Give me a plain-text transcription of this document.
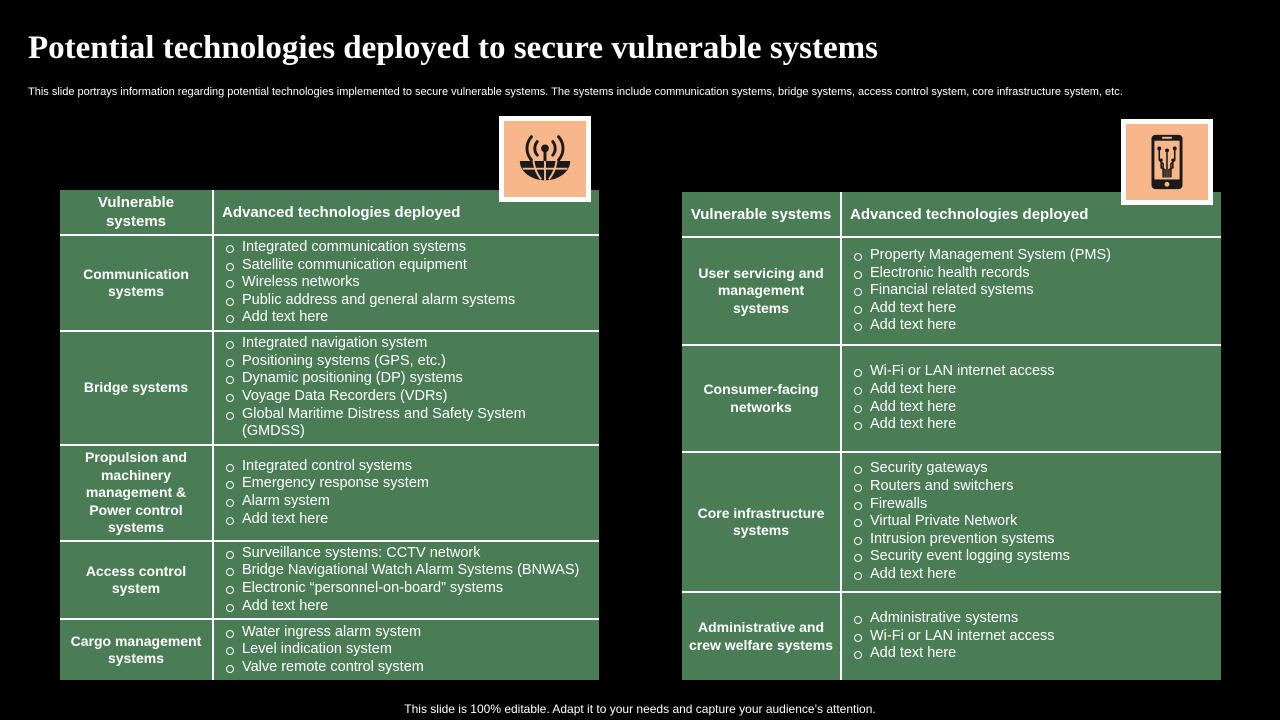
Potential technologies deployed to secure vulnerable systems

This slide portrays information regarding potential technologies implemented to secure vulnerable systems. The systems include communication systems, bridge systems, access control system, core infrastructure system, etc.

Vulnerable systems
Advanced technologies deployed
Communication systems
Integrated communication systems
Satellite communication equipment
Wireless networks
Public address and general alarm systems
Add text here
Bridge systems
Integrated navigation system
Positioning systems (GPS, etc.)
Dynamic positioning (DP) systems
Voyage Data Recorders (VDRs)
Global Maritime Distress and Safety System (GMDSS)
Propulsion and machinery management & Power control systems
Integrated control systems
Emergency response system
Alarm system
Add text here
Access control system
Surveillance systems: CCTV network
Bridge Navigational Watch Alarm Systems (BNWAS)
Electronic “personnel-on-board” systems
Add text here
Cargo management systems
Water ingress alarm system
Level indication system
Valve remote control system
Vulnerable systems	Advanced technologies deployed
User servicing and management systems
Property Management System (PMS)
Electronic health records
Financial related systems
Add text here
Add text here
Consumer-facing networks
Wi-Fi or LAN internet access
Add text here
Add text here
Add text here
Core infrastructure systems
Security gateways
Routers and switchers
Firewalls
Virtual Private Network
Intrusion prevention systems
Security event logging systems
Add text here
Administrative and crew welfare systems
Administrative systems
Wi-Fi or LAN internet access
Add text here

This slide is 100% editable. Adapt it to your needs and capture your audience’s attention.
